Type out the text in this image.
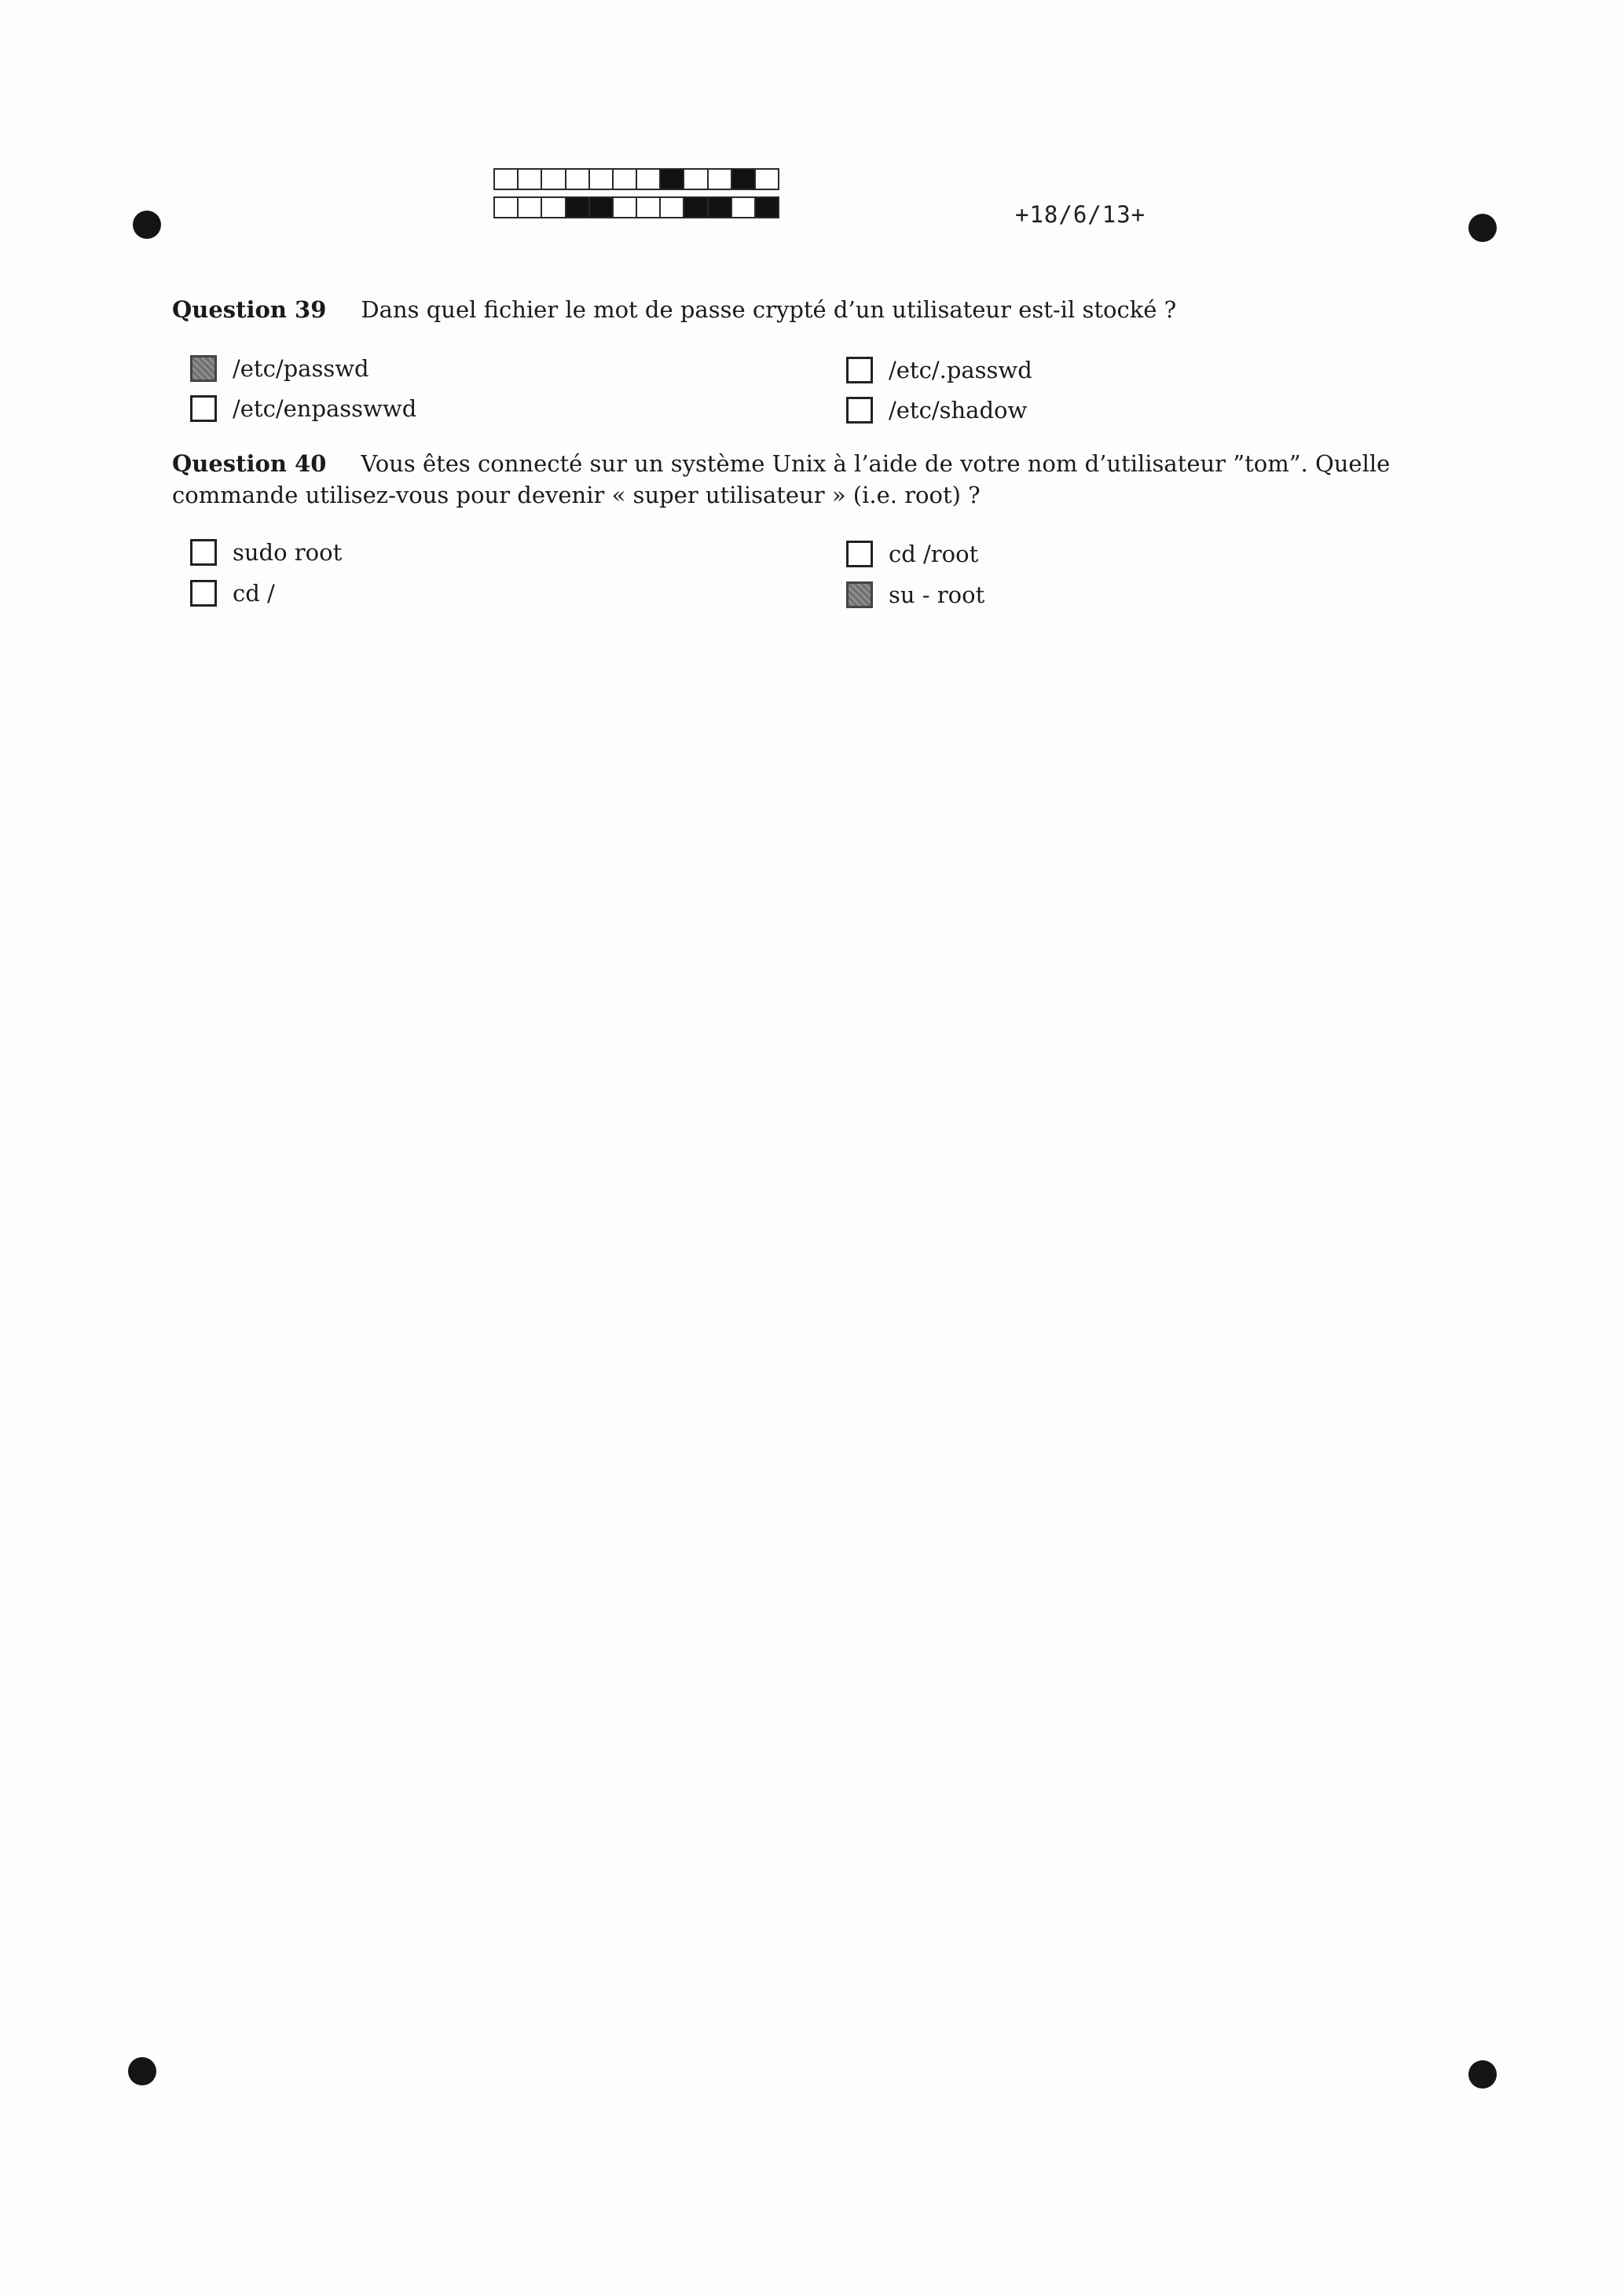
+18/6/13+
Question 39 Dans quel fichier le mot de passe crypté d’un utilisateur est-il stocké ?
/etc/passwd	/etc/.passwd
/etc/enpasswwd	/etc/shadow
Question 40 Vous êtes connecté sur un système Unix à l’aide de votre nom d’utilisateur ”tom”. Quelle commande utilisez-vous pour devenir « super utilisateur » (i.e. root) ?
sudo root	cd /root
cd /	su - root
